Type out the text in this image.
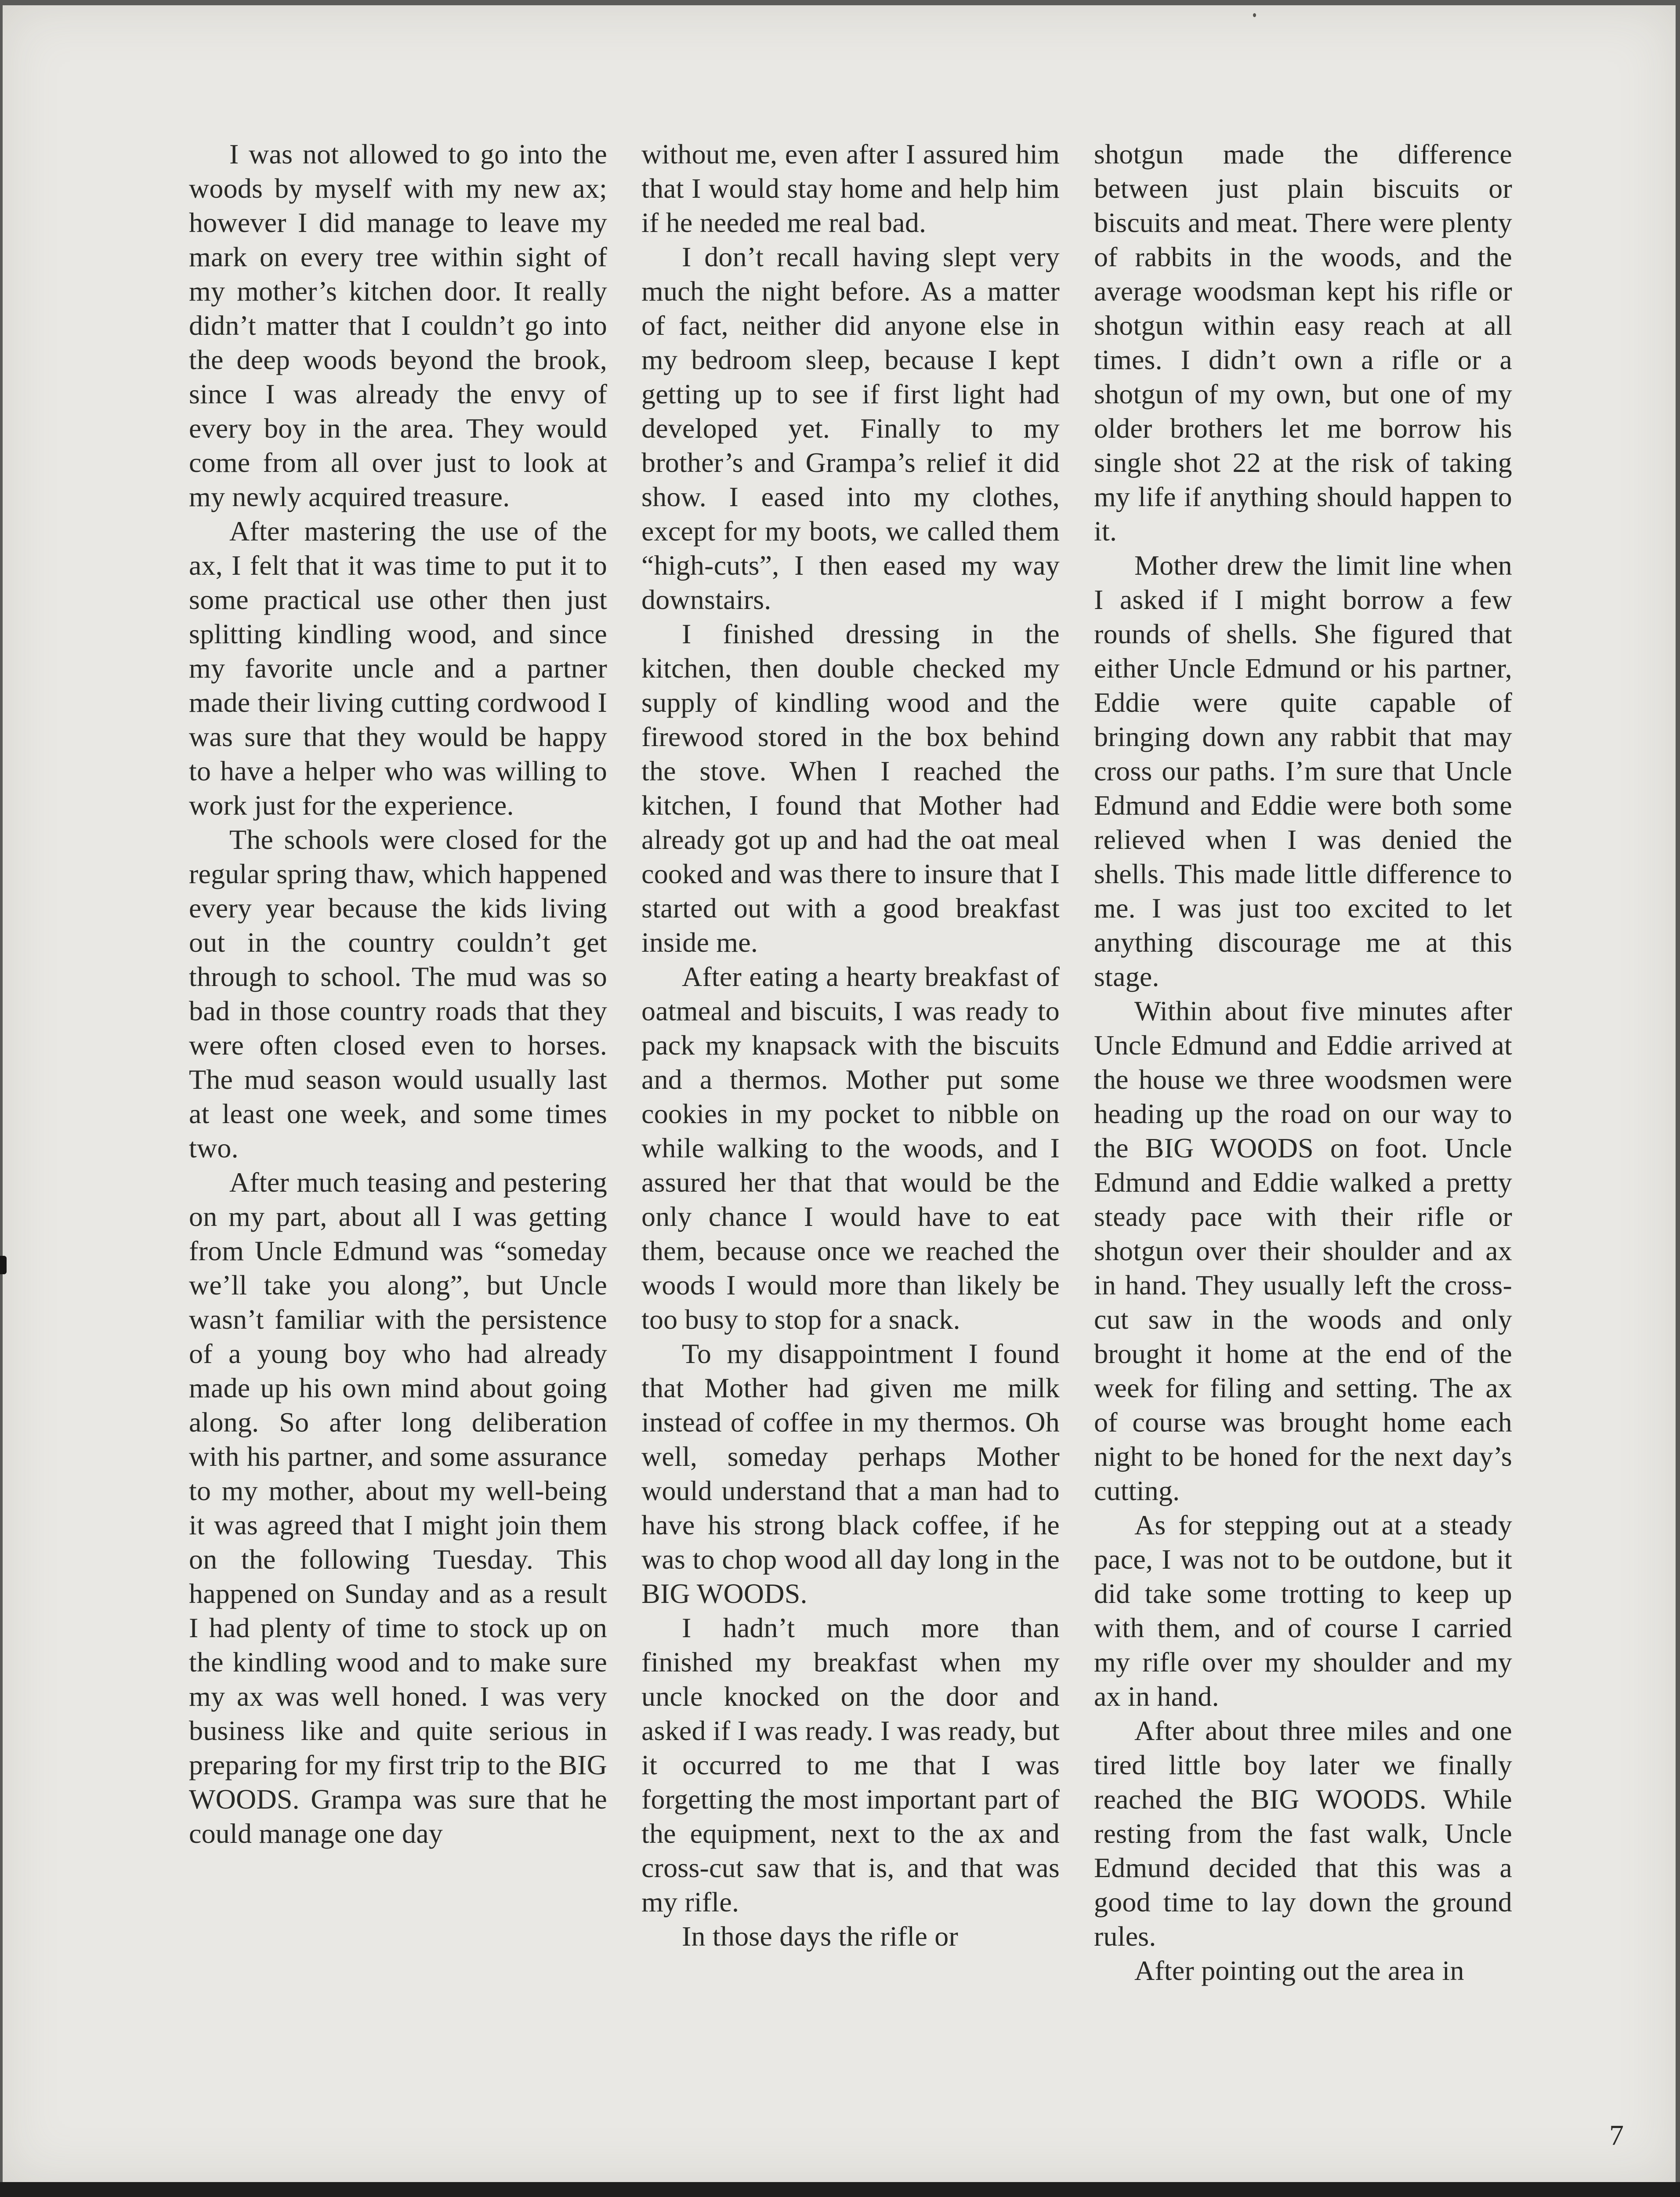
I was not allowed to go into the woods by myself with my new ax; however I did manage to leave my mark on every tree within sight of my mother’s kitchen door. It really didn’t matter that I couldn’t go into the deep woods beyond the brook, since I was already the envy of every boy in the area. They would come from all over just to look at my newly acquired treasure.

After mastering the use of the ax, I felt that it was time to put it to some practical use other then just splitting kindling wood, and since my favorite uncle and a partner made their living cutting cordwood I was sure that they would be happy to have a helper who was willing to work just for the experience.

The schools were closed for the regular spring thaw, which happened every year because the kids living out in the country couldn’t get through to school. The mud was so bad in those country roads that they were often closed even to horses. The mud season would usually last at least one week, and some times two.

After much teasing and pestering on my part, about all I was getting from Uncle Edmund was “someday we’ll take you along”, but Uncle wasn’t familiar with the persistence of a young boy who had already made up his own mind about going along. So after long deliberation with his partner, and some assurance to my mother, about my well-being it was agreed that I might join them on the following Tuesday. This happened on Sunday and as a result I had plenty of time to stock up on the kindling wood and to make sure my ax was well honed. I was very business like and quite serious in preparing for my first trip to the BIG WOODS. Grampa was sure that he could manage one day

without me, even after I assured him that I would stay home and help him if he needed me real bad.

I don’t recall having slept very much the night before. As a matter of fact, neither did anyone else in my bedroom sleep, because I kept getting up to see if first light had developed yet. Finally to my brother’s and Grampa’s relief it did show. I eased into my clothes, except for my boots, we called them “high-cuts”, I then eased my way downstairs.

I finished dressing in the kitchen, then double checked my supply of kindling wood and the firewood stored in the box behind the stove. When I reached the kitchen, I found that Mother had already got up and had the oat meal cooked and was there to insure that I started out with a good breakfast inside me.

After eating a hearty breakfast of oatmeal and biscuits, I was ready to pack my knapsack with the biscuits and a thermos. Mother put some cookies in my pocket to nibble on while walking to the woods, and I assured her that that would be the only chance I would have to eat them, because once we reached the woods I would more than likely be too busy to stop for a snack.

To my disappointment I found that Mother had given me milk instead of coffee in my thermos. Oh well, someday perhaps Mother would understand that a man had to have his strong black coffee, if he was to chop wood all day long in the BIG WOODS.

I hadn’t much more than finished my breakfast when my uncle knocked on the door and asked if I was ready. I was ready, but it occurred to me that I was forgetting the most important part of the equipment, next to the ax and cross-cut saw that is, and that was my rifle.

In those days the rifle or

shotgun made the difference between just plain biscuits or biscuits and meat. There were plenty of rabbits in the woods, and the average woodsman kept his rifle or shotgun within easy reach at all times. I didn’t own a rifle or a shotgun of my own, but one of my older brothers let me borrow his single shot 22 at the risk of taking my life if anything should happen to it.

Mother drew the limit line when I asked if I might borrow a few rounds of shells. She figured that either Uncle Edmund or his partner, Eddie were quite capable of bringing down any rabbit that may cross our paths. I’m sure that Uncle Edmund and Eddie were both some relieved when I was denied the shells. This made little difference to me. I was just too excited to let anything discourage me at this stage.

Within about five minutes after Uncle Edmund and Eddie arrived at the house we three woodsmen were heading up the road on our way to the BIG WOODS on foot. Uncle Edmund and Eddie walked a pretty steady pace with their rifle or shotgun over their shoulder and ax in hand. They usually left the cross-cut saw in the woods and only brought it home at the end of the week for filing and setting. The ax of course was brought home each night to be honed for the next day’s cutting.

As for stepping out at a steady pace, I was not to be outdone, but it did take some trotting to keep up with them, and of course I carried my rifle over my shoulder and my ax in hand.

After about three miles and one tired little boy later we finally reached the BIG WOODS. While resting from the fast walk, Uncle Edmund decided that this was a good time to lay down the ground rules.

After pointing out the area in

7
